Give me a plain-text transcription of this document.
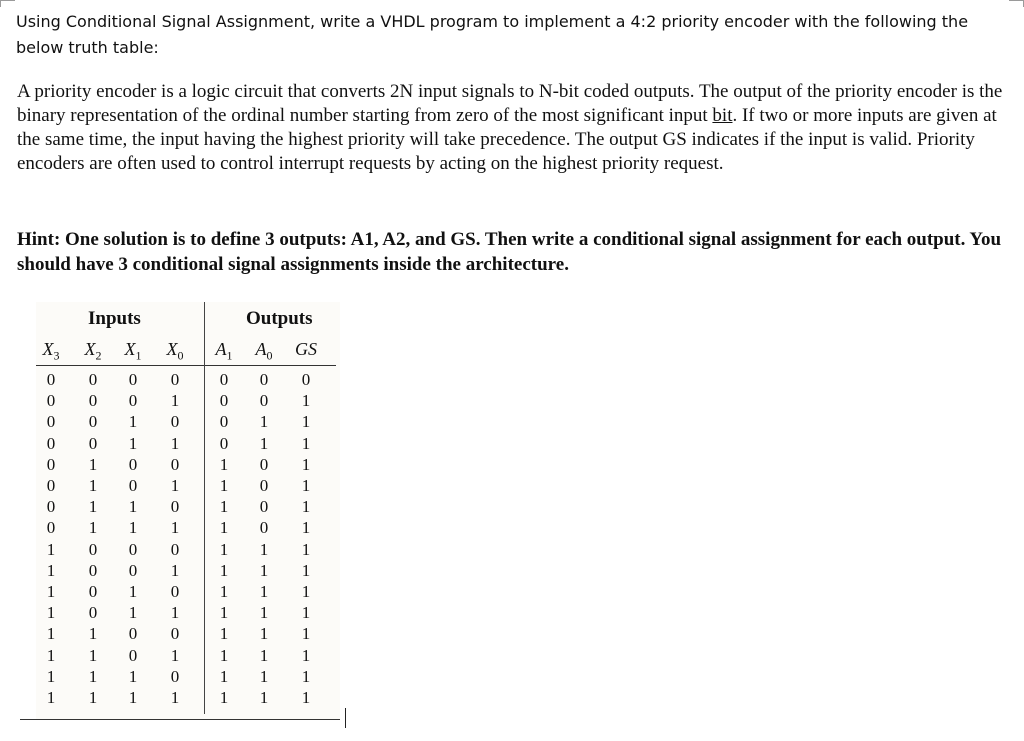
Using Conditional Signal Assignment, write a VHDL program to implement a 4:2 priority encoder with the following the below truth table:
A priority encoder is a logic circuit that converts 2N input signals to N-bit coded outputs. The output of the priority encoder is the binary representation of the ordinal number starting from zero of the most significant input bit. If two or more inputs are given at the same time, the input having the highest priority will take precedence. The output GS indicates if the input is valid. Priority encoders are often used to control interrupt requests by acting on the highest priority request.
Hint: One solution is to define 3 outputs: A1, A2, and GS. Then write a conditional signal assignment for each output. You should have 3 conditional signal assignments inside the architecture.
Inputs	Outputs
$X_3$	$X_2$	$X_1$	$X_0$	$A_1$	$A_0$	GS
0	0	0	0	0	0	0
0	0	0	1	0	0	1
0	0	1	0	0	1	1
0	0	1	1	0	1	1
0	1	0	0	1	0	1
0	1	0	1	1	0	1
0	1	1	0	1	0	1
0	1	1	1	1	0	1
1	0	0	0	1	1	1
1	0	0	1	1	1	1
1	0	1	0	1	1	1
1	0	1	1	1	1	1
1	1	0	0	1	1	1
1	1	0	1	1	1	1
1	1	1	0	1	1	1
1	1	1	1	1	1	1
